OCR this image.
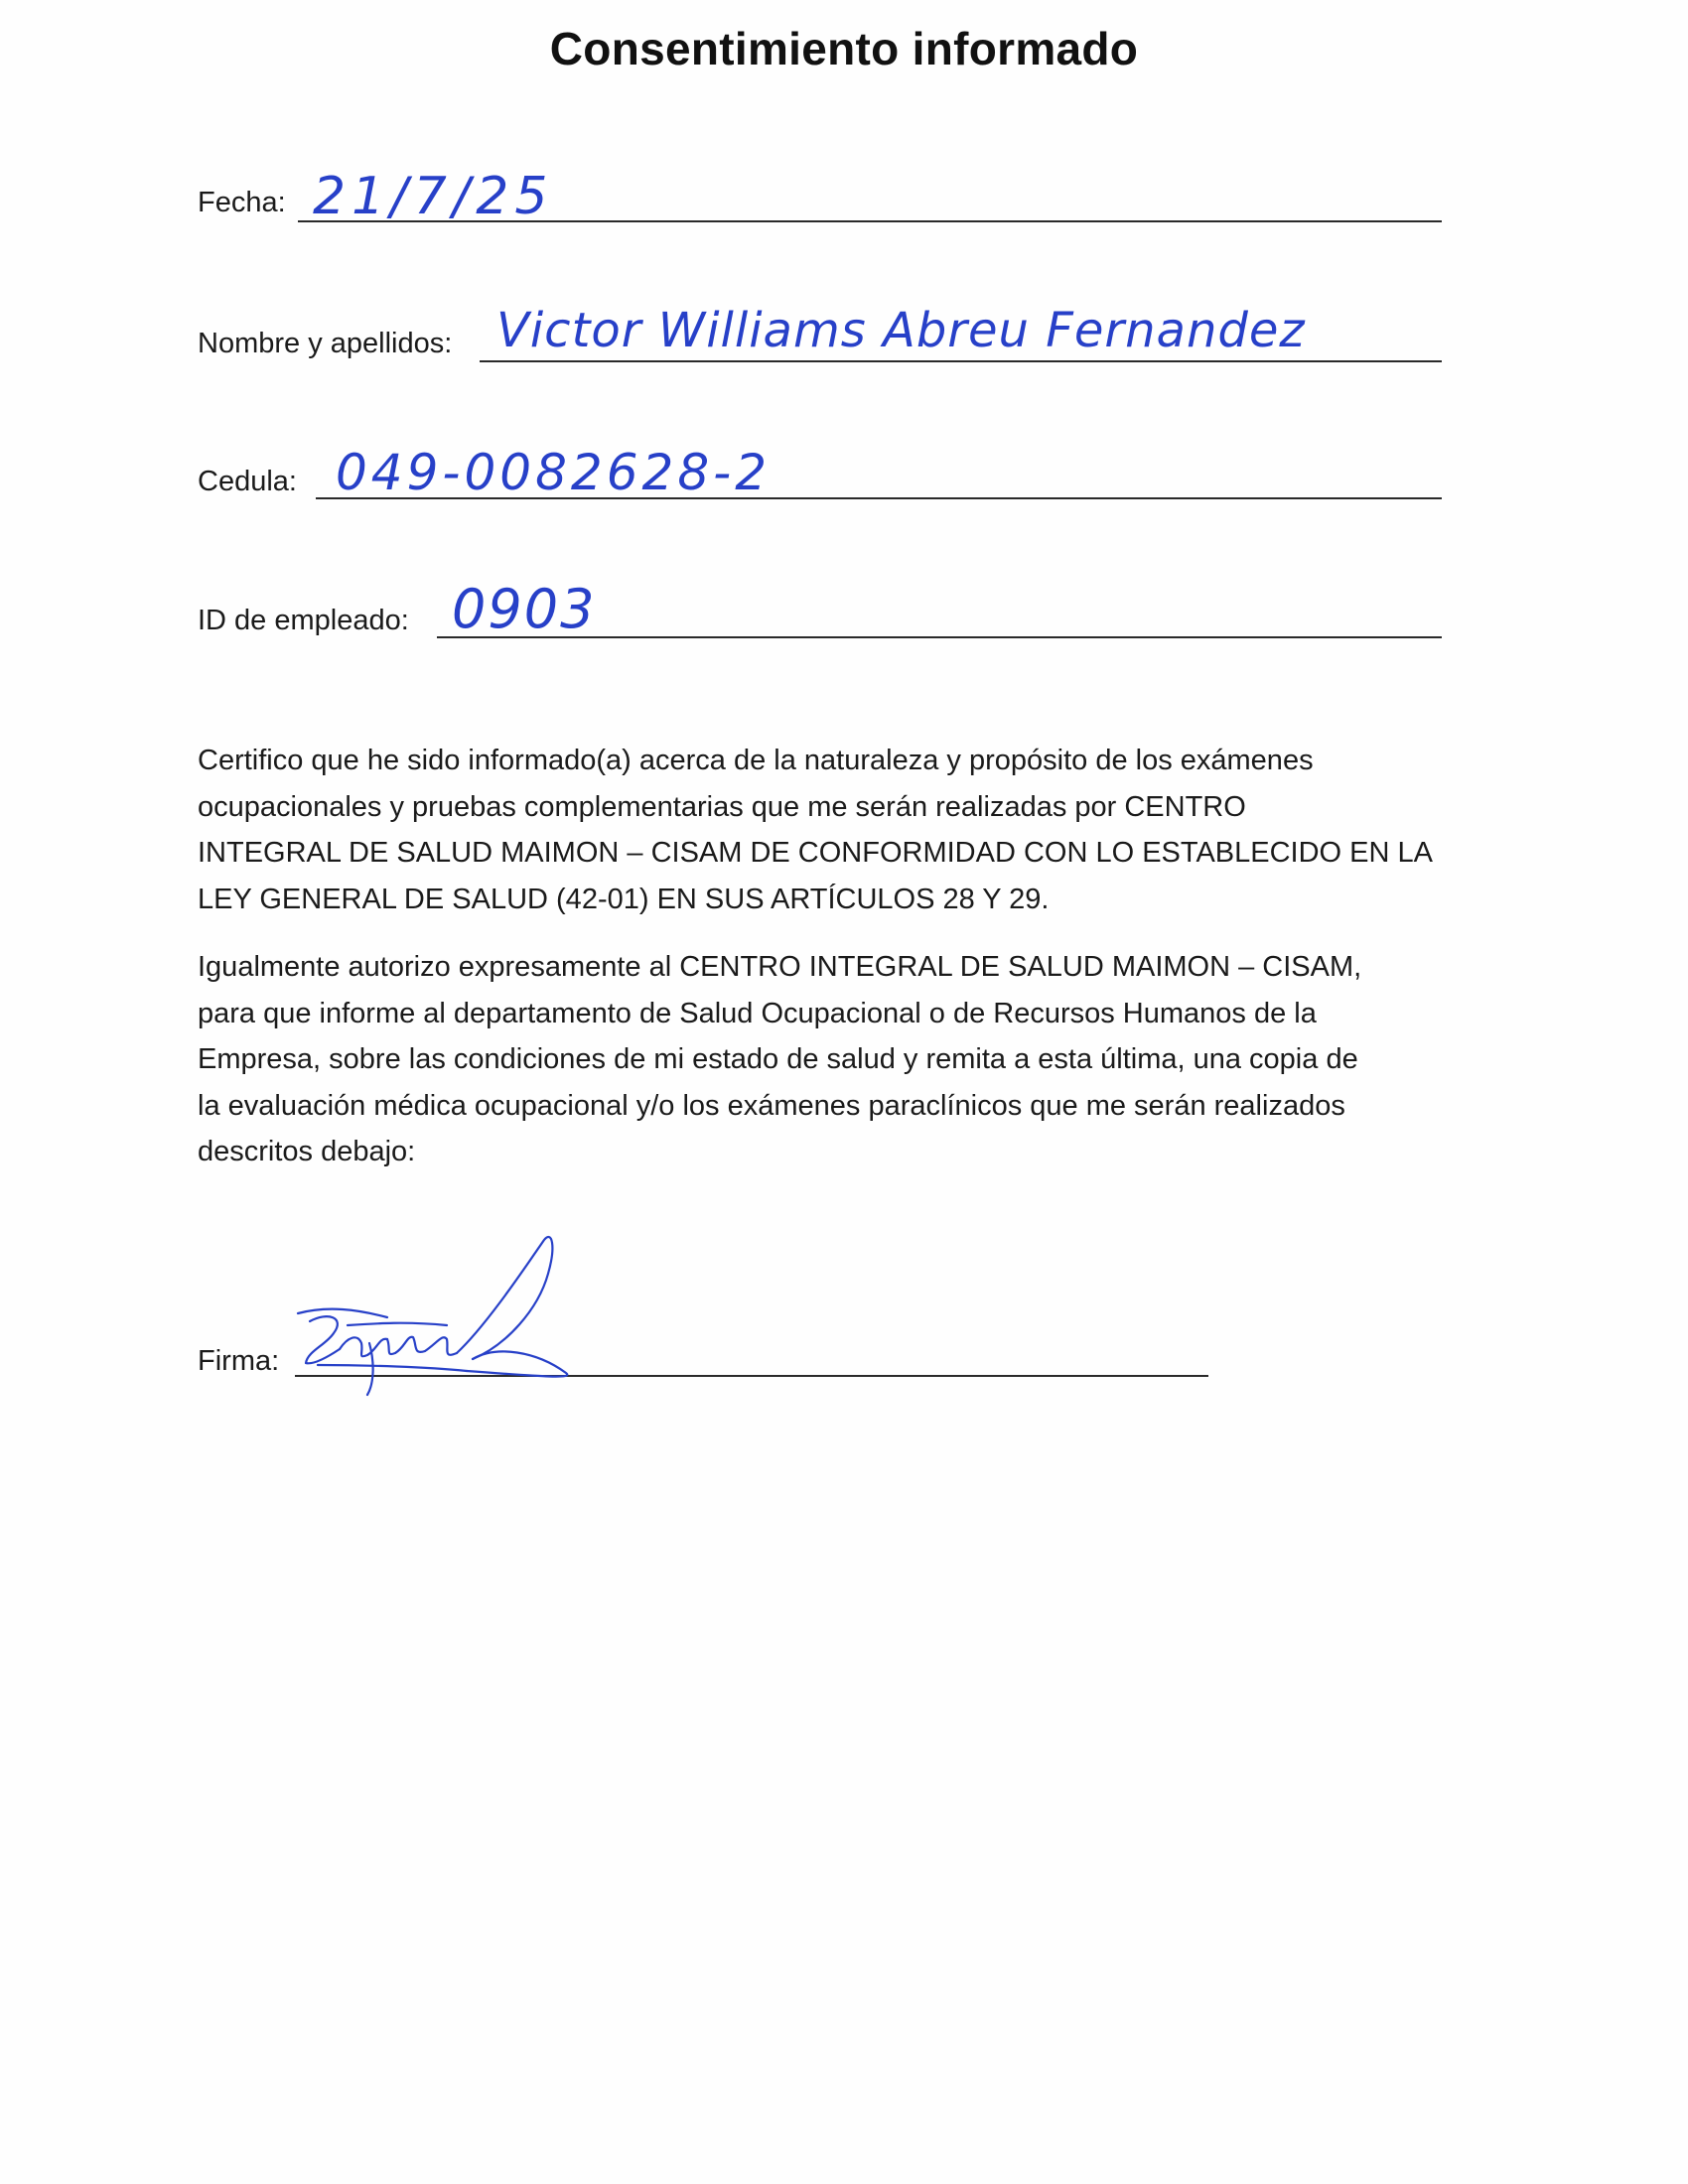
Consentimiento informado
Fecha: 21/7/25
Nombre y apellidos: Victor Williams Abreu Fernandez
Cedula: 049-0082628-2
ID de empleado: 0903
Certifico que he sido informado(a) acerca de la naturaleza y propósito de los exámenes
ocupacionales y pruebas complementarias que me serán realizadas por CENTRO
INTEGRAL DE SALUD MAIMON – CISAM DE CONFORMIDAD CON LO ESTABLECIDO EN LA
LEY GENERAL DE SALUD (42-01) EN SUS ARTÍCULOS 28 Y 29.
Igualmente autorizo expresamente al CENTRO INTEGRAL DE SALUD MAIMON – CISAM,
para que informe al departamento de Salud Ocupacional o de Recursos Humanos de la
Empresa, sobre las condiciones de mi estado de salud y remita a esta última, una copia de
la evaluación médica ocupacional y/o los exámenes paraclínicos que me serán realizados
descritos debajo:
Firma:
